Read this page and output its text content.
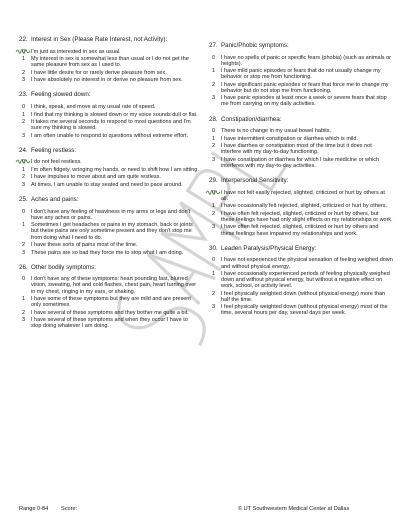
22. Interest in Sex (Please Rate Interest, not Activity):
0	I'm just as interested in sex as usual.
1	My interest in sex is somewhat less than usual or I do not get the same pleasure from sex as I used to.
2	I have little desire for or rarely derive pleasure from sex.
3	I have absolutely no interest in or derive no pleasure from sex.
23. Feeling slowed down:
0	I think, speak, and move at my usual rate of speed.
1	I find that my thinking is slowed down or my voice sounds dull or flat.
2	It takes me several seconds to respond to most questions and I'm sure my thinking is slowed.
3	I am often unable to respond to questions without extreme effort.
24. Feeling restless:
0	I do not feel restless.
1	I'm often fidgety, wringing my hands, or need to shift how I am sitting.
2	I have impulses to move about and am quite restless.
3	At times, I am unable to stay seated and need to pace around.
25. Aches and pains:
0	I don't have any feeling of heaviness in my arms or legs and don't have any aches or pains.
1	Sometimes I get headaches or pains in my stomach, back or joints but these pains are only sometime present and they don't stop me from doing what I need to do.
2	I have these sorts of pains most of the time.
3	These pains are so bad they force me to stop what I am doing.
26. Other bodily symptoms:
0	I don't have any of these symptoms: heart pounding fast, blurred vision, sweating, hot and cold flashes, chest pain, heart turning over in my chest, ringing in my ears, or shaking.
1	I have some of these symptoms but they are mild and are present only sometimes.
2	I have several of these symptoms and they bother me quite a bit.
3	I have several of these symptoms and when they occur I have to stop doing whatever I am doing.
27. Panic/Phobic symptoms:
0	I have no spells of panic or specific fears (phobia) (such as animals or heights).
1	I have mild panic episodes or fears that do not usually change my behavior or stop me from functioning.
2	I have significant panic episodes or fears that force me to change my behavior but do not stop me from functioning.
3	I have panic episodes at least once a week or severe fears that stop me from carrying on my daily activities.
28. Constipation/diarrhea:
0	There is no change in my usual bowel habits.
1	I have intermittent constipation or diarrhea which is mild.
2	I have diarrhea or constipation most of the time but it does not interfere with my day-to-day functioning.
3	I have constipation or diarrhea for which I take medicine or which interferes with my day-to-day activities.
29. Interpersonal Sensitivity:
0	I have not felt easily rejected, slighted, criticized or hurt by others at all.
1	I have occasionally felt rejected, slighted, criticized or hurt by others.
2	I have often felt rejected, slighted, criticized or hurt by others, but these feelings have had only slight effects on my relationships or work.
3	I have often felt rejected, slighted, criticized or hurt by others and these feelings have impaired my relationships and work.
30. Leaden Paralysis/Physical Energy:
0	I have not experienced the physical sensation of feeling weighed down and without physical energy.
1	I have occasionally experienced periods of feeling physically weighed down and without physical energy, but without a negative effect on work, school, or activity level.
2	I feel physically weighted down (without physical energy) more than half the time.
3	I feel physically weighted down (without physical energy) most of the time, several hours per day, several days per week.
Range 0-84 Score:	© UT Southwestern Medical Center at Dallas
